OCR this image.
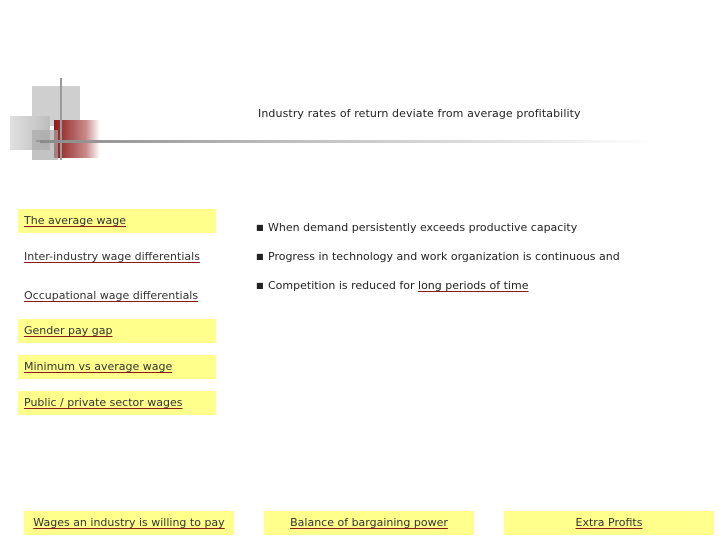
Industry rates of return deviate from average profitability
The average wage
Inter-industry wage differentials
Occupational wage differentials
Gender pay gap
Minimum vs average wage
Public / private sector wages
■ When demand persistently exceeds productive capacity
■ Progress in technology and work organization is continuous and
■ Competition is reduced for long periods of time
Wages an industry is willing to pay	Balance of bargaining power	Extra Profits
